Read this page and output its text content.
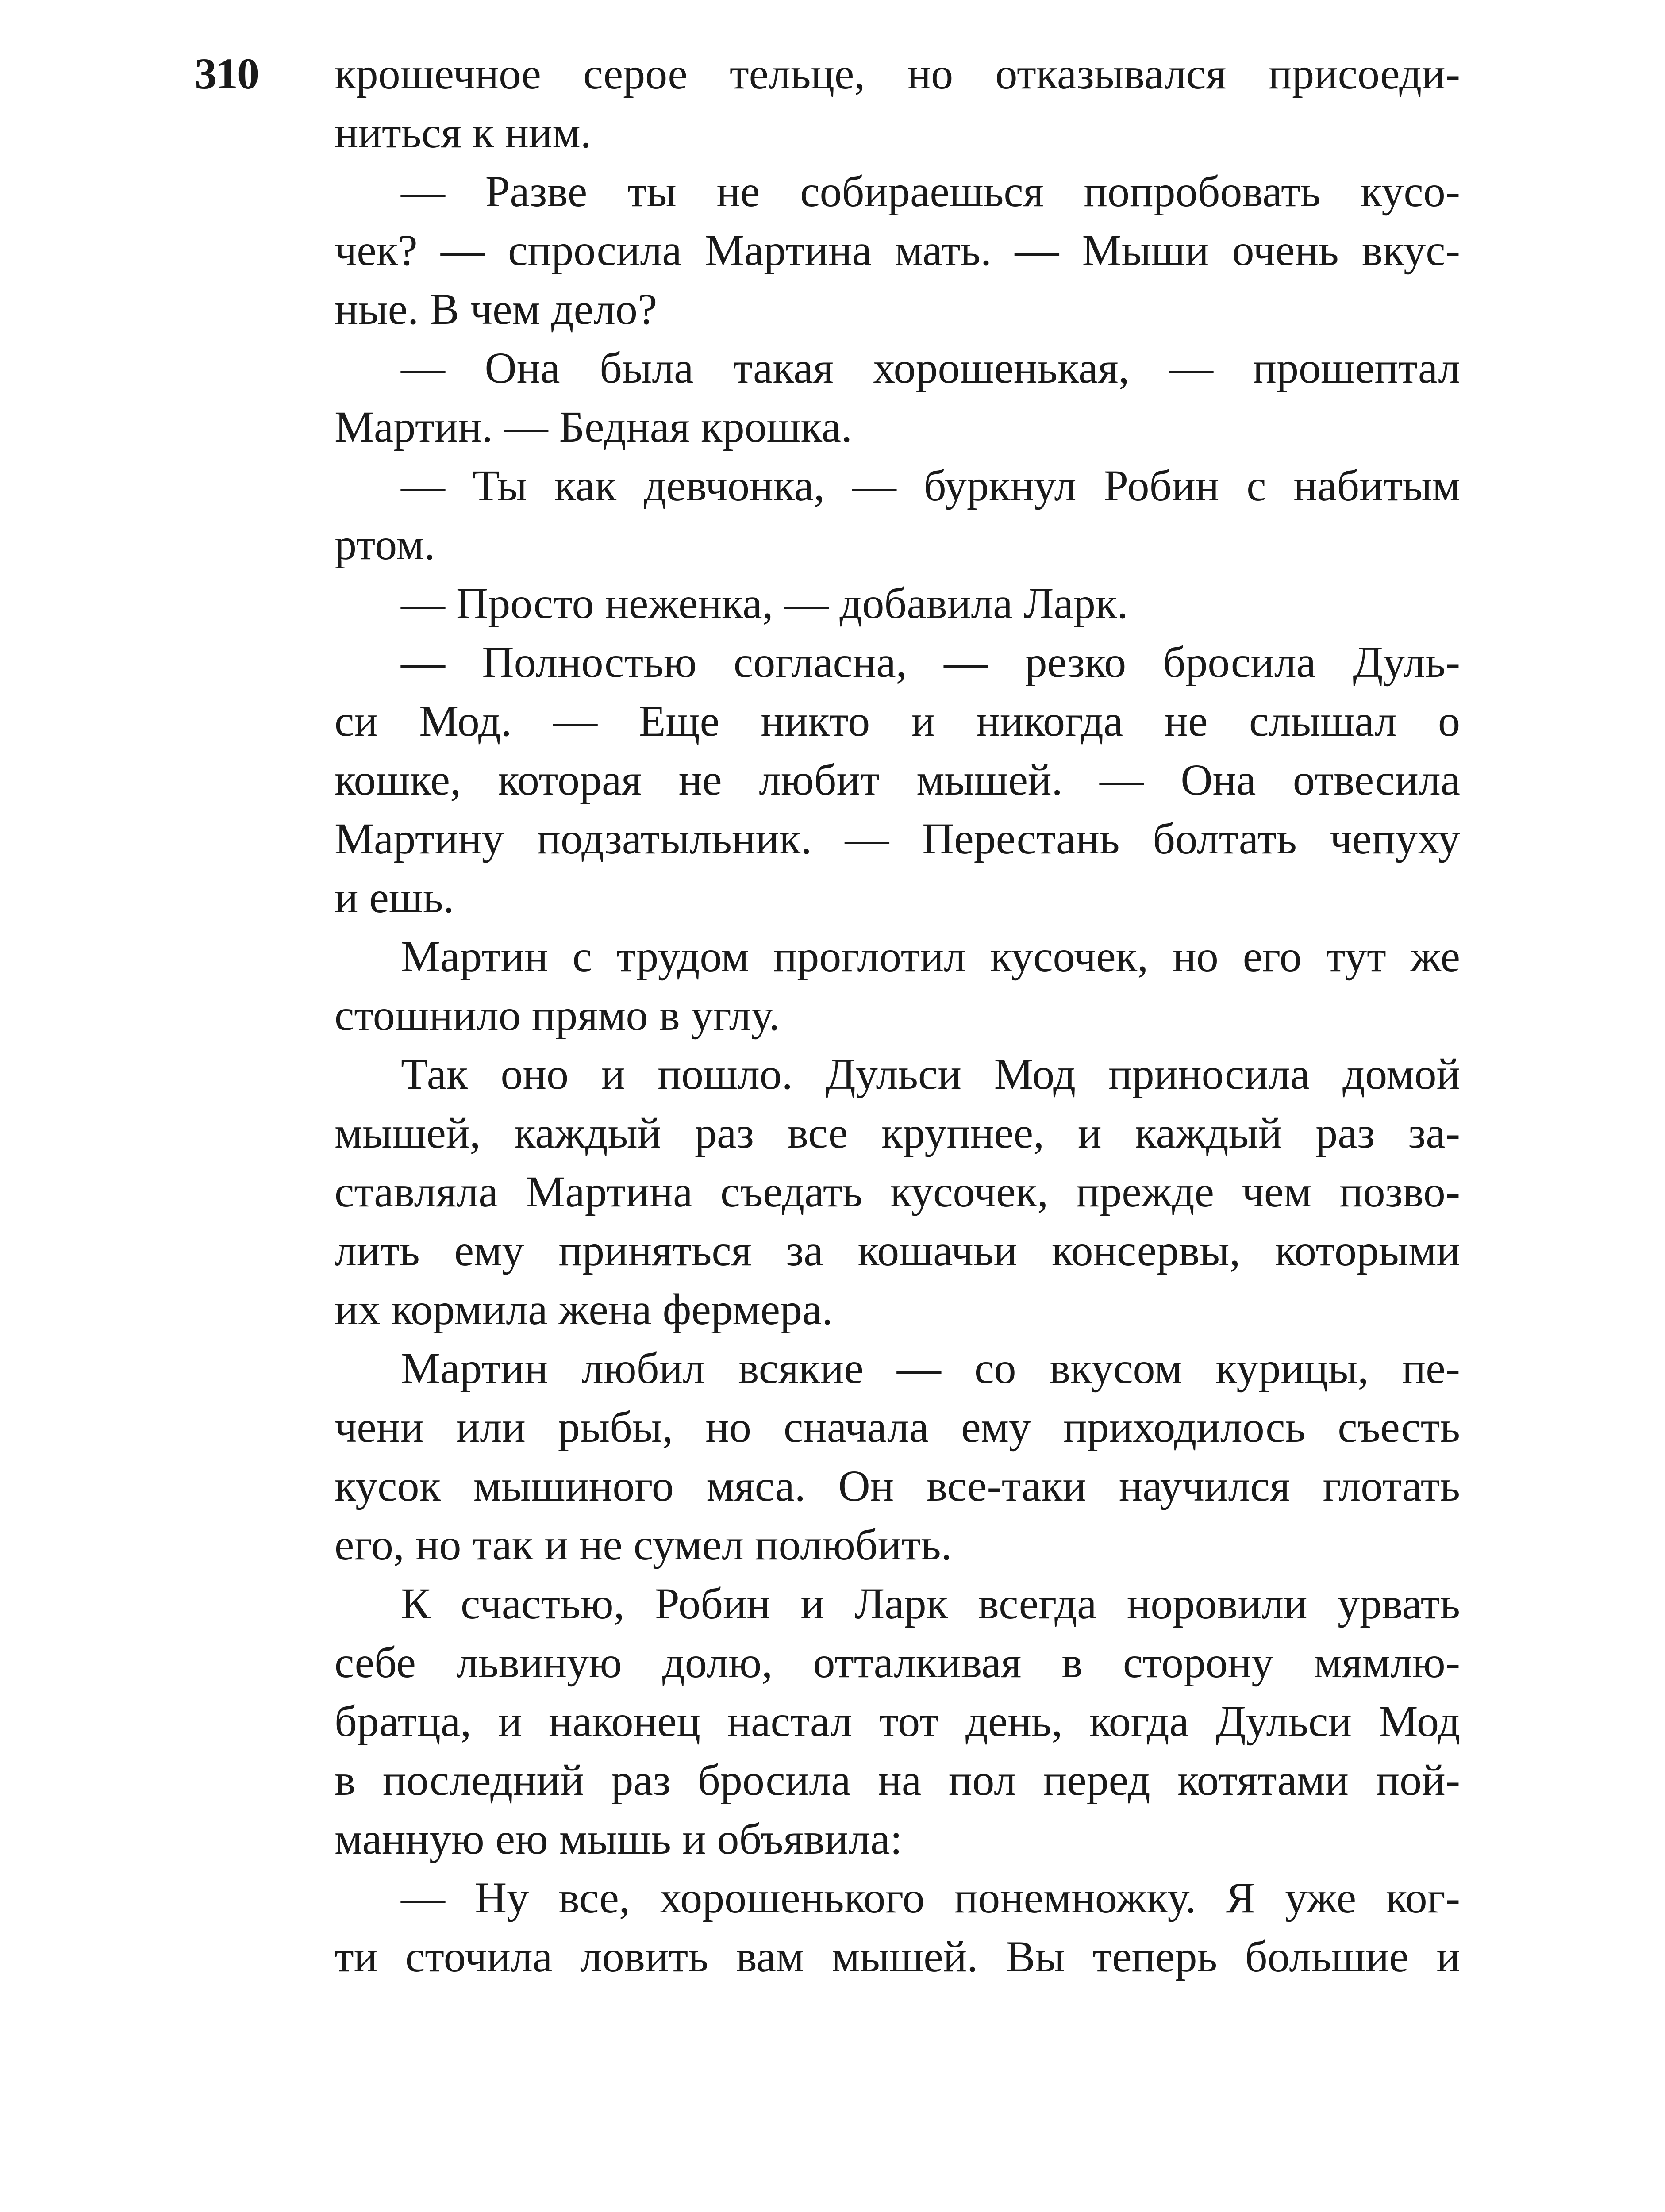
310 крошечное серое тельце, но отказывался присоеди-
ниться к ним.
— Разве ты не собираешься попробовать кусо-
чек? — спросила Мартина мать. — Мыши очень вкус-
ные. В чем дело?
— Она была такая хорошенькая, — прошептал
Мартин. — Бедная крошка.
— Ты как девчонка, — буркнул Робин с набитым
ртом.
— Просто неженка, — добавила Ларк.
— Полностью согласна, — резко бросила Дуль-
си Мод. — Еще никто и никогда не слышал о
кошке, которая не любит мышей. — Она отвесила
Мартину подзатыльник. — Перестань болтать чепуху
и ешь.
Мартин с трудом проглотил кусочек, но его тут же
стошнило прямо в углу.
Так оно и пошло. Дульси Мод приносила домой
мышей, каждый раз все крупнее, и каждый раз за-
ставляла Мартина съедать кусочек, прежде чем позво-
лить ему приняться за кошачьи консервы, которыми
их кормила жена фермера.
Мартин любил всякие — со вкусом курицы, пе-
чени или рыбы, но сначала ему приходилось съесть
кусок мышиного мяса. Он все-таки научился глотать
его, но так и не сумел полюбить.
К счастью, Робин и Ларк всегда норовили урвать
себе львиную долю, отталкивая в сторону мямлю-
братца, и наконец настал тот день, когда Дульси Мод
в последний раз бросила на пол перед котятами пой-
манную ею мышь и объявила:
— Ну все, хорошенького понемножку. Я уже ког-
ти сточила ловить вам мышей. Вы теперь большие и
